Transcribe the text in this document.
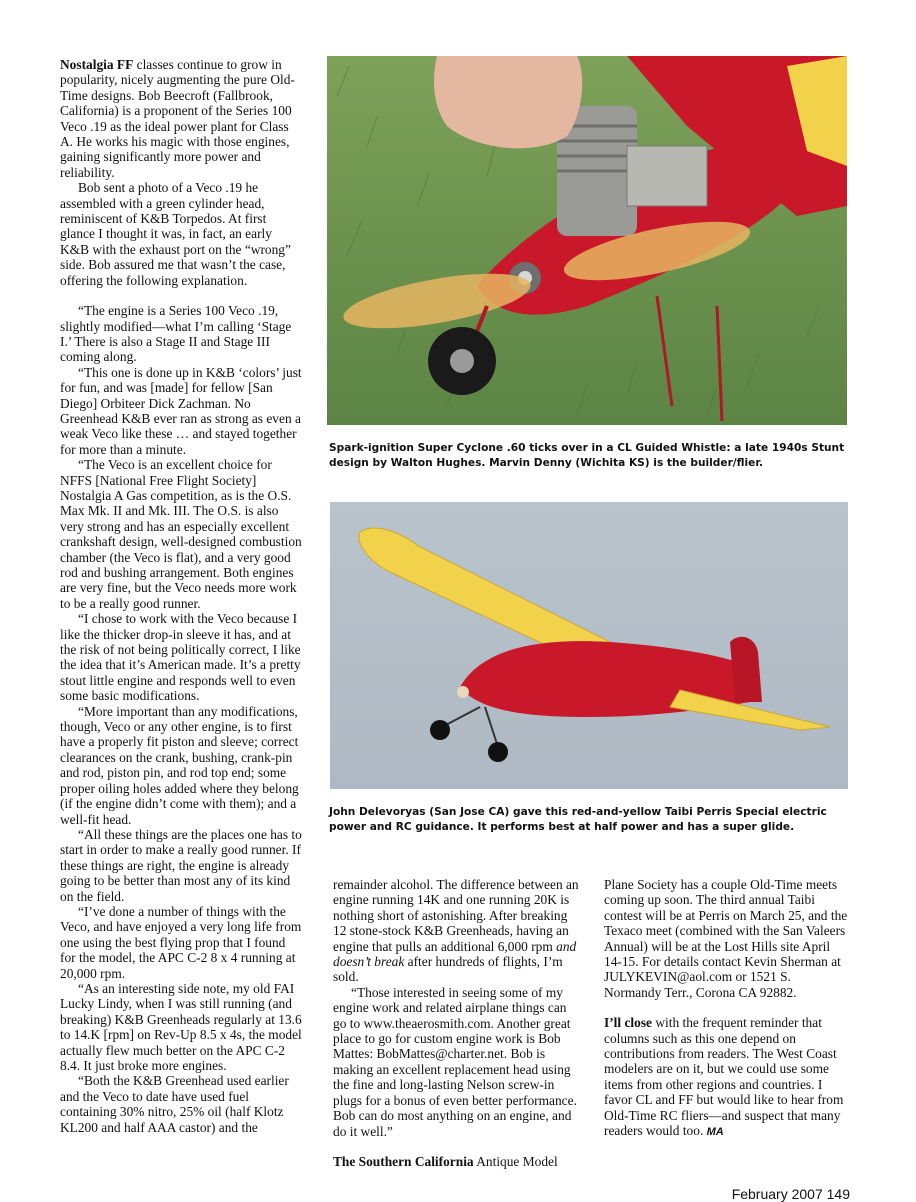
Nostalgia FF classes continue to grow in popularity, nicely augmenting the pure Old-Time designs. Bob Beecroft (Fallbrook, California) is a proponent of the Series 100 Veco .19 as the ideal power plant for Class A. He works his magic with those engines, gaining significantly more power and reliability.

Bob sent a photo of a Veco .19 he assembled with a green cylinder head, reminiscent of K&B Torpedos. At first glance I thought it was, in fact, an early K&B with the exhaust port on the “wrong” side. Bob assured me that wasn’t the case, offering the following explanation.

“The engine is a Series 100 Veco .19, slightly modified—what I’m calling ‘Stage I.’ There is also a Stage II and Stage III coming along.

“This one is done up in K&B ‘colors’ just for fun, and was [made] for fellow [San Diego] Orbiteer Dick Zachman. No Greenhead K&B ever ran as strong as even a weak Veco like these … and stayed together for more than a minute.

“The Veco is an excellent choice for NFFS [National Free Flight Society] Nostalgia A Gas competition, as is the O.S. Max Mk. II and Mk. III. The O.S. is also very strong and has an especially excellent crankshaft design, well-designed combustion chamber (the Veco is flat), and a very good rod and bushing arrangement. Both engines are very fine, but the Veco needs more work to be a really good runner.

“I chose to work with the Veco because I like the thicker drop-in sleeve it has, and at the risk of not being politically correct, I like the idea that it’s American made. It’s a pretty stout little engine and responds well to even some basic modifications.

“More important than any modifications, though, Veco or any other engine, is to first have a properly fit piston and sleeve; correct clearances on the crank, bushing, crank-pin and rod, piston pin, and rod top end; some proper oiling holes added where they belong (if the engine didn’t come with them); and a well-fit head.

“All these things are the places one has to start in order to make a really good runner. If these things are right, the engine is already going to be better than most any of its kind on the field.

“I’ve done a number of things with the Veco, and have enjoyed a very long life from one using the best flying prop that I found for the model, the APC C-2 8 x 4 running at 20,000 rpm.

“As an interesting side note, my old FAI Lucky Lindy, when I was still running (and breaking) K&B Greenheads regularly at 13.6 to 14.K [rpm] on Rev-Up 8.5 x 4s, the model actually flew much better on the APC C-2 8.4. It just broke more engines.

“Both the K&B Greenhead used earlier and the Veco to date have used fuel containing 30% nitro, 25% oil (half Klotz KL200 and half AAA castor) and the

Spark-ignition Super Cyclone .60 ticks over in a CL Guided Whistle: a late 1940s Stunt design by Walton Hughes. Marvin Denny (Wichita KS) is the builder/flier.
John Delevoryas (San Jose CA) gave this red-and-yellow Taibi Perris Special electric power and RC guidance. It performs best at half power and has a super glide.

remainder alcohol. The difference between an engine running 14K and one running 20K is nothing short of astonishing. After breaking 12 stone-stock K&B Greenheads, having an engine that pulls an additional 6,000 rpm and doesn’t break after hundreds of flights, I’m sold.

“Those interested in seeing some of my engine work and related airplane things can go to www.theaerosmith.com. Another great place to go for custom engine work is Bob Mattes: BobMattes@charter.net. Bob is making an excellent replacement head using the fine and long-lasting Nelson screw-in plugs for a bonus of even better performance. Bob can do most anything on an engine, and do it well.”

The Southern California Antique Model

Plane Society has a couple Old-Time meets coming up soon. The third annual Taibi contest will be at Perris on March 25, and the Texaco meet (combined with the San Valeers Annual) will be at the Lost Hills site April 14-15. For details contact Kevin Sherman at JULYKEVIN@aol.com or 1521 S. Normandy Terr., Corona CA 92882.

I’ll close with the frequent reminder that columns such as this one depend on contributions from readers. The West Coast modelers are on it, but we could use some items from other regions and countries. I favor CL and FF but would like to hear from Old-Time RC fliers—and suspect that many readers would too. MA

February 2007 149
